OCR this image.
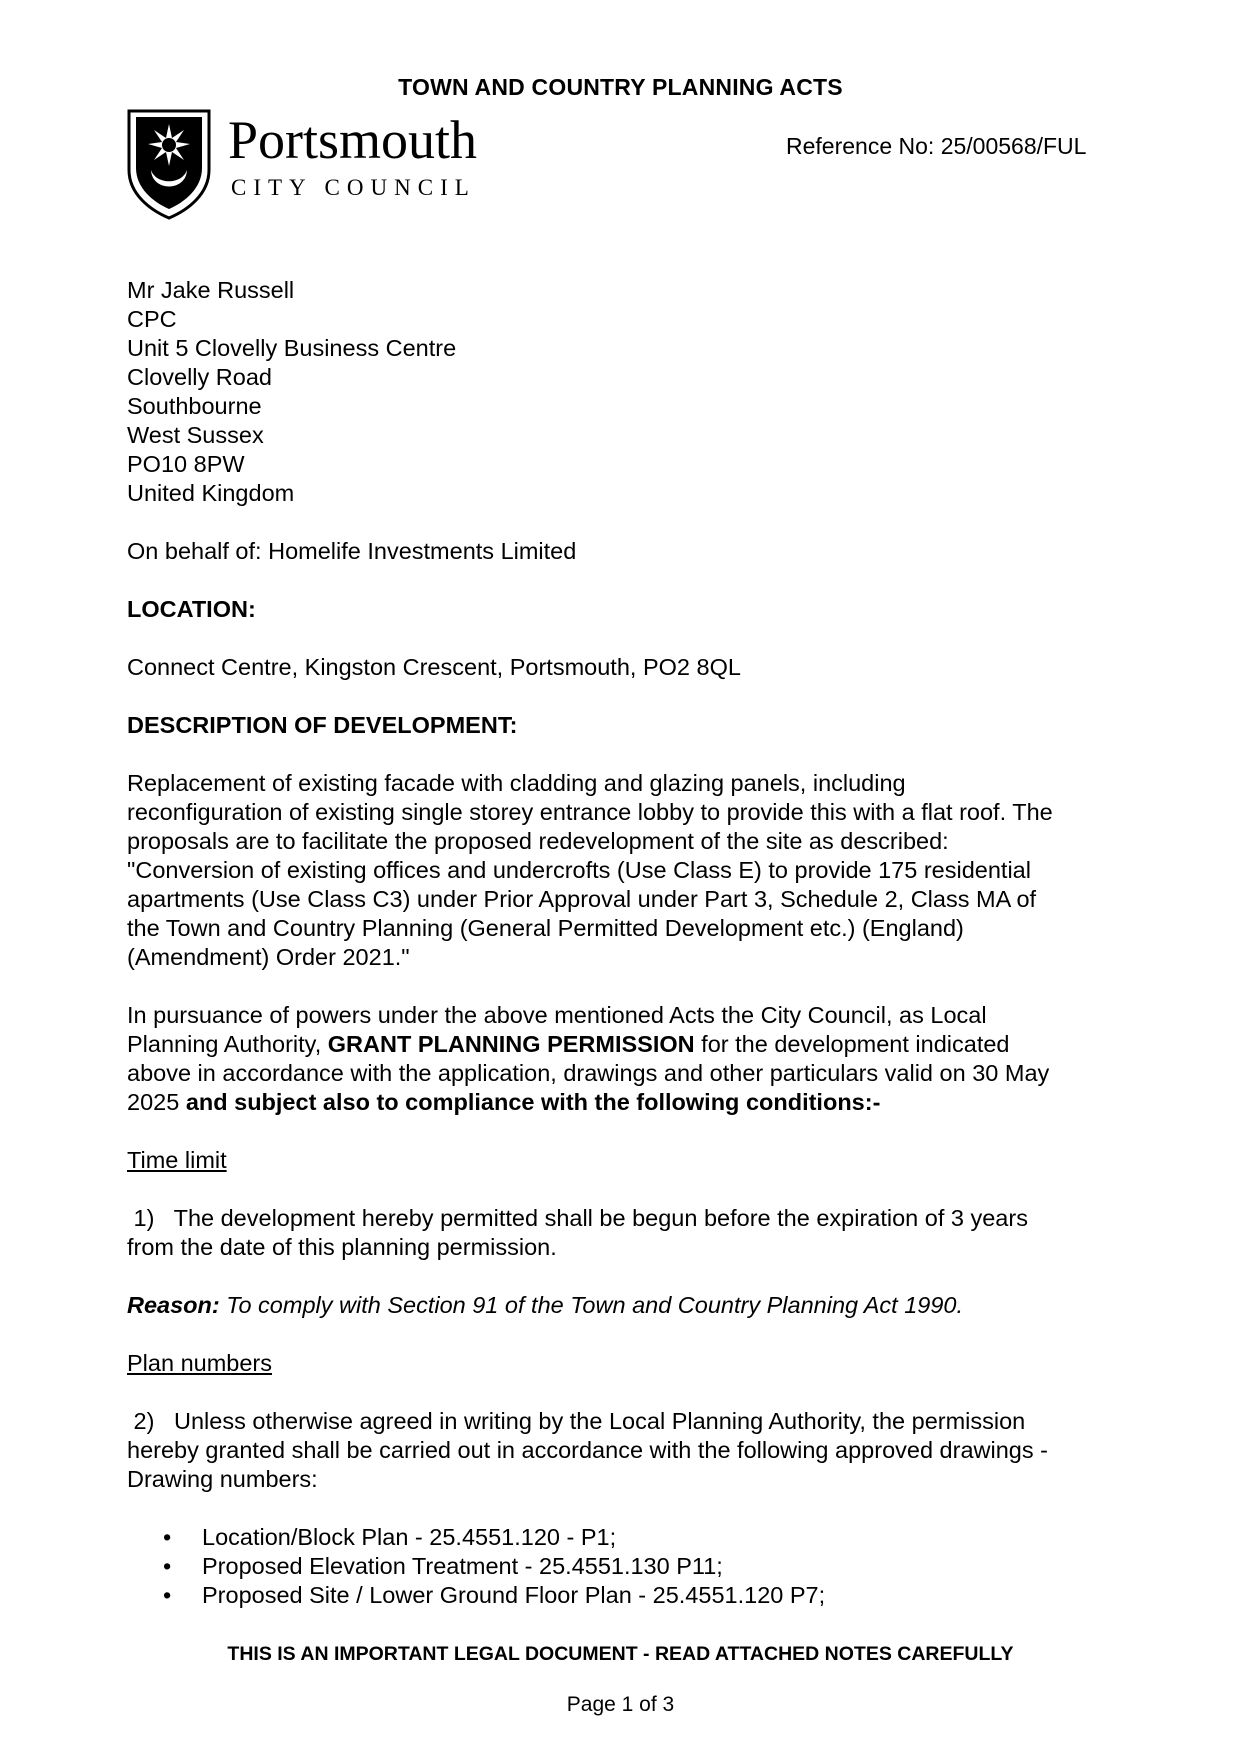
TOWN AND COUNTRY PLANNING ACTS
Portsmouth
CITY COUNCIL
Reference No: 25/00568/FUL
Mr Jake Russell
CPC
Unit 5 Clovelly Business Centre
Clovelly Road
Southbourne
West Sussex
PO10 8PW
United Kingdom

On behalf of: Homelife Investments Limited

LOCATION:

Connect Centre, Kingston Crescent, Portsmouth, PO2 8QL

DESCRIPTION OF DEVELOPMENT:

Replacement of existing facade with cladding and glazing panels, including

reconfiguration of existing single storey entrance lobby to provide this with a flat roof. The

proposals are to facilitate the proposed redevelopment of the site as described:

"Conversion of existing offices and undercrofts (Use Class E) to provide 175 residential

apartments (Use Class C3) under Prior Approval under Part 3, Schedule 2, Class MA of

the Town and Country Planning (General Permitted Development etc.) (England)

(Amendment) Order 2021."

In pursuance of powers under the above mentioned Acts the City Council, as Local

Planning Authority, GRANT PLANNING PERMISSION for the development indicated

above in accordance with the application, drawings and other particulars valid on 30 May

2025 and subject also to compliance with the following conditions:-

Time limit

1)   The development hereby permitted shall be begun before the expiration of 3 years

from the date of this planning permission.

Reason: To comply with Section 91 of the Town and Country Planning Act 1990.

Plan numbers

2)   Unless otherwise agreed in writing by the Local Planning Authority, the permission

hereby granted shall be carried out in accordance with the following approved drawings -

Drawing numbers:

• Location/Block Plan - 25.4551.120 - P1;
• Proposed Elevation Treatment - 25.4551.130 P11;
• Proposed Site / Lower Ground Floor Plan - 25.4551.120 P7;
THIS IS AN IMPORTANT LEGAL DOCUMENT - READ ATTACHED NOTES CAREFULLY
Page 1 of 3
